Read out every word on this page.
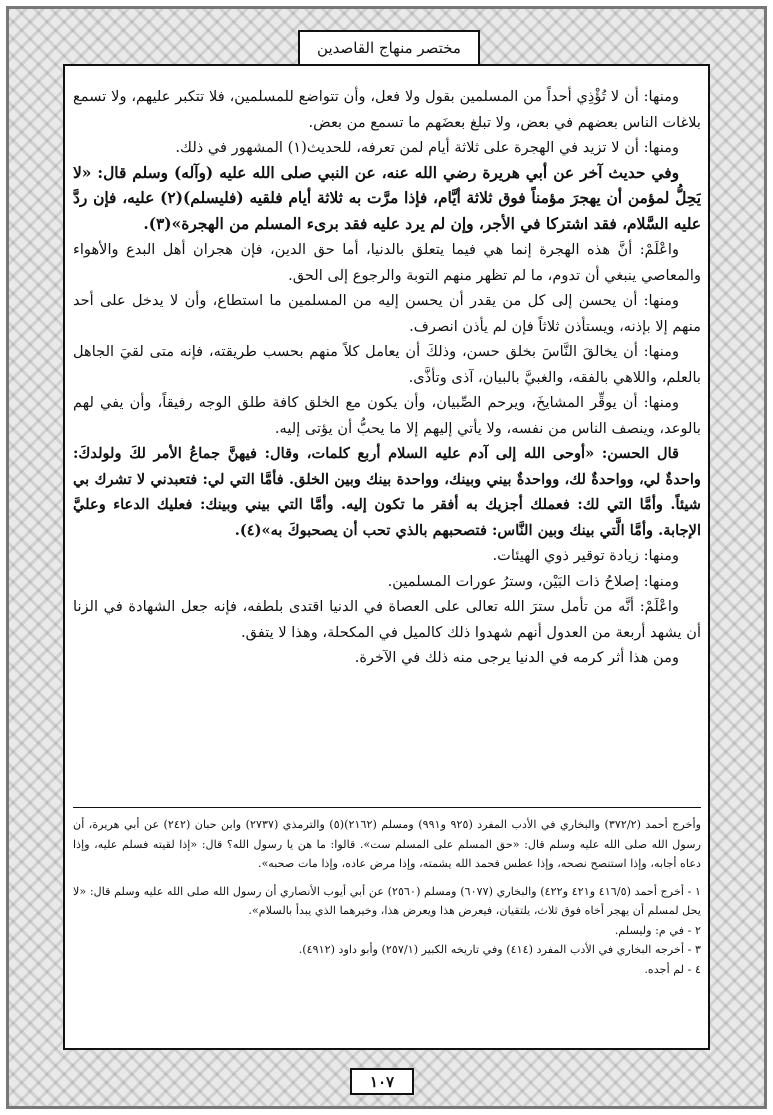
مختصر منهاج القاصدين

ومنها: أن لا تُؤْذِي أحداً من المسلمين بقول ولا فعل، وأن تتواضع للمسلمين، فلا تتكبر عليهم، ولا تسمع بلاغات الناس بعضهم في بعض، ولا تبلغ بعضَهم ما تسمع من بعض.

ومنها: أن لا تزيد في الهجرة على ثلاثة أيام لمن تعرفه، للحديث(١) المشهور في ذلك.

وفي حديث آخر عن أبي هريرة رضي الله عنه، عن النبي صلى الله عليه (وآله) وسلم قال: «لا يَحِلُّ لمؤمن أن يهجرَ مؤمناً فوق ثلاثة أيَّام، فإذا مرَّت به ثلاثة أيام فلقيه (فليسلم)(٢) عليه، فإن ردَّ عليه السَّلام، فقد اشتركا في الأجر، وإن لم يرد عليه فقد برىء المسلم من الهجرة»(٣).

واعْلَمْ: أنَّ هذه الهجرة إنما هي فيما يتعلق بالدنيا، أما حق الدين، فإن هجران أهل البدع والأهواء والمعاصي ينبغي أن تدوم، ما لم تظهر منهم التوبة والرجوع إلى الحق.

ومنها: أن يحسن إلى كل من يقدر أن يحسن إليه من المسلمين ما استطاع، وأن لا يدخل على أحد منهم إلا بإذنه، ويستأذن ثلاثاً فإن لم يأذن انصرف.

ومنها: أن يخالقَ النَّاسَ بخلق حسن، وذلكَ أن يعامل كلاً منهم بحسب طريقته، فإنه متى لقيَ الجاهل بالعلم، واللاهي بالفقه، والغبيَّ بالبيان، آذى وتأذَّى.

ومنها: أن يوقِّر المشايخَ، ويرحم الصِّبيان، وأن يكون مع الخلق كافة طلق الوجه رفيقاً، وأن يفي لهم بالوعد، وينصف الناس من نفسه، ولا يأتي إليهم إلا ما يحبُّ أن يؤتى إليه.

قال الحسن: «أوحى الله إلى آدم عليه السلام أربع كلمات، وقال: فيهنَّ جماعُ الأمر لكَ ولولدكَ: واحدةٌ لي، وواحدةٌ لك، وواحدةٌ بيني وبينك، وواحدة بينك وبين الخلق. فأمَّا التي لي: فتعبدني لا تشرك بي شيئاً. وأمَّا التي لك: فعملك أجزيك به أفقر ما تكون إليه. وأمَّا التي بيني وبينك: فعليك الدعاء وعليَّ الإجابة. وأمَّا الَّتي بينك وبين النَّاس: فتصحبهم بالذي تحب أن يصحبوكَ به»(٤).

ومنها: زيادة توقير ذوي الهيئات.

ومنها: إصلاحُ ذات البَيْن، وسترُ عورات المسلمين.

واعْلَمْ: أنَّه من تأمل سترَ الله تعالى على العصاة في الدنيا اقتدى بلطفه، فإنه جعل الشهادة في الزنا أن يشهد أربعة من العدول أنهم شهدوا ذلك كالميل في المكحلة، وهذا لا يتفق.

ومن هذا أثر كرمه في الدنيا يرجى منه ذلك في الآخرة.

وأخرج أحمد (٣٧٢/٢) والبخاري في الأدب المفرد (٩٢٥ و٩٩١) ومسلم (٢١٦٢)(٥) والترمذي (٢٧٣٧) وابن حبان (٢٤٢) عن أبي هريرة، أن رسول الله صلى الله عليه وسلم قال: «حق المسلم على المسلم ست». قالوا: ما هن يا رسول الله؟ قال: «إذا لقيته فسلم عليه، وإذا دعاه أجابه، وإذا استنصح نصحه، وإذا عطس فحمد الله يشمته، وإذا مرض عاده، وإذا مات صحبه».

١ - أخرج أحمد (٤١٦/٥ و٤٢١ و٤٢٢) والبخاري (٦٠٧٧) ومسلم (٢٥٦٠) عن أبي أيوب الأنصاري أن رسول الله صلى الله عليه وسلم قال: «لا يحل لمسلم أن يهجر أخاه فوق ثلاث، يلتقيان، فيعرض هذا ويعرض هذا، وخيرهما الذي يبدأ بالسلام».

٢ - في م: وليسلم.

٣ - أخرجه البخاري في الأدب المفرد (٤١٤) وفي تاريخه الكبير (٢٥٧/١) وأبو داود (٤٩١٢).

٤ - لم أجده.

١٠٧
